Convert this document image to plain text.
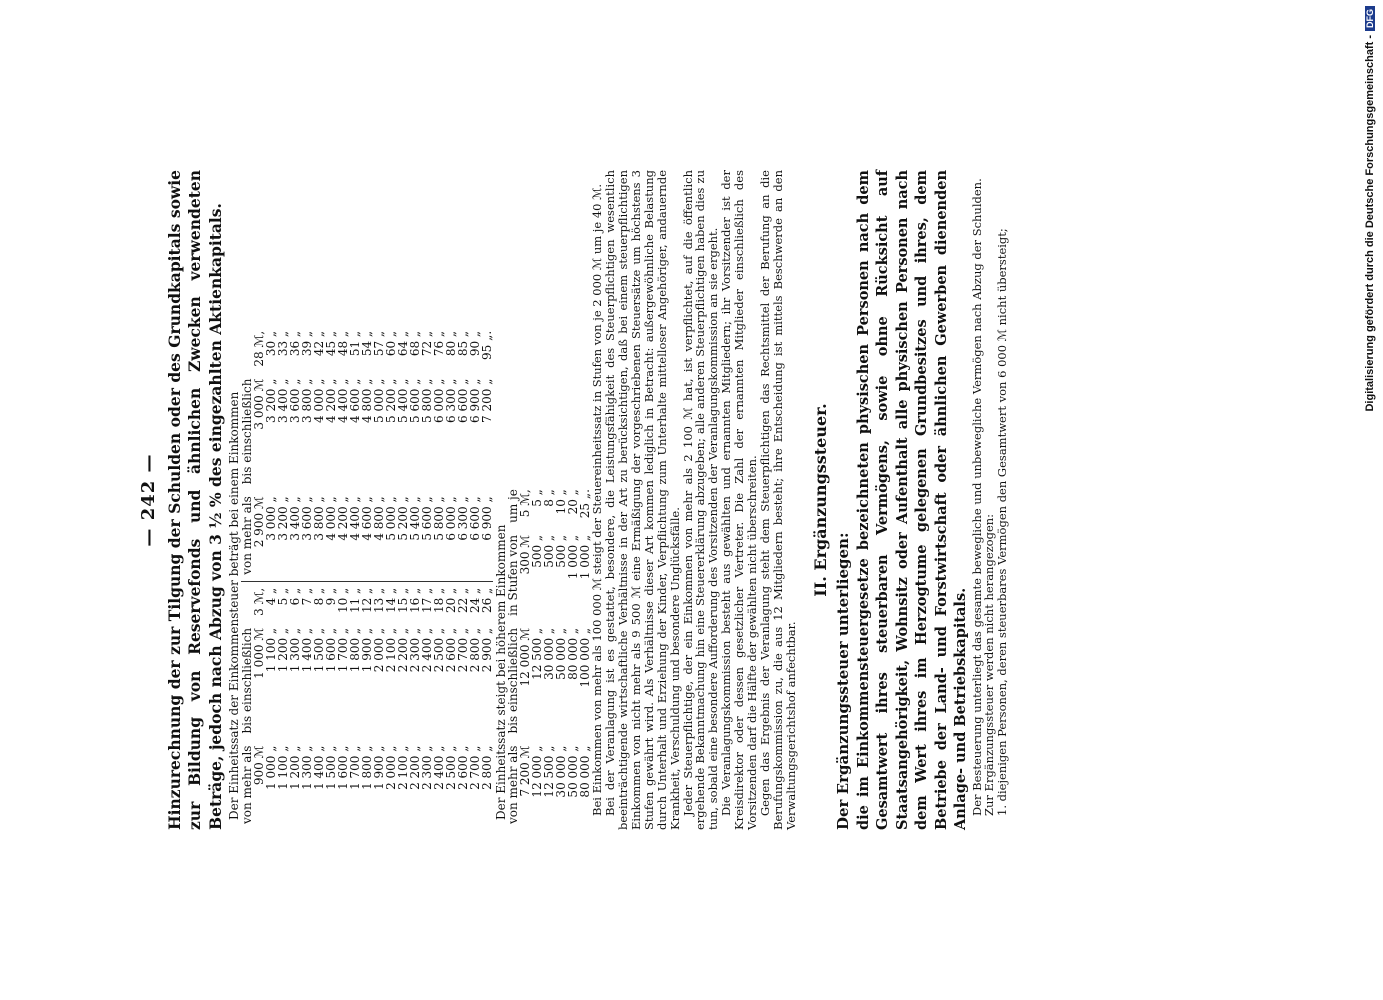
— 242 — Hinzurechnung der zur Tilgung der Schulden oder des Grundkapitals sowie zur Bildung von Reservefonds und ähnlichen Zwecken verwendeten Beträge, jedoch nach Abzug von 3 ½ % des eingezahlten Aktienkapitals. Der Einheitssatz der Einkommensteuer beträgt bei einem Einkommen
von mehr als	bis einschließlich		von mehr als	bis einschließlich	
900 ℳ	1 000 ℳ	3 ℳ,	2 900 ℳ	3 000 ℳ	28 ℳ,
1 000 „	1 100 „	4 „	3 000 „	3 200 „	30 „
1 100 „	1 200 „	5 „	3 200 „	3 400 „	33 „
1 200 „	1 300 „	6 „	3 400 „	3 600 „	36 „
1 300 „	1 400 „	7 „	3 600 „	3 800 „	39 „
1 400 „	1 500 „	8 „	3 800 „	4 000 „	42 „
1 500 „	1 600 „	9 „	4 000 „	4 200 „	45 „
1 600 „	1 700 „	10 „	4 200 „	4 400 „	48 „
1 700 „	1 800 „	11 „	4 400 „	4 600 „	51 „
1 800 „	1 900 „	12 „	4 600 „	4 800 „	54 „
1 900 „	2 000 „	13 „	4 800 „	5 000 „	57 „
2 000 „	2 100 „	14 „	5 000 „	5 200 „	60 „
2 100 „	2 200 „	15 „	5 200 „	5 400 „	64 „
2 200 „	2 300 „	16 „	5 400 „	5 600 „	68 „
2 300 „	2 400 „	17 „	5 600 „	5 800 „	72 „
2 400 „	2 500 „	18 „	5 800 „	6 000 „	76 „
2 500 „	2 600 „	20 „	6 000 „	6 300 „	80 „
2 600 „	2 700 „	22 „	6 300 „	6 600 „	85 „
2 700 „	2 800 „	24 „	6 600 „	6 900 „	90 „
2 800 „	2 900 „	26 „	6 900 „	7 200 „	95 „.
Der Einheitssatz steigt bei höherem Einkommen
von mehr als	bis einschließlich	in Stufen von	um je
7 200 ℳ	12 000 ℳ	300 ℳ	5 ℳ,
12 000 „	12 500 „	500 „	5 „
12 500 „	30 000 „	500 „	8 „
30 000 „	50 000 „	500 „	10 „
50 000 „	80 000 „	1 000 „	20 „
80 000 „	100 000 „	1 000 „	25 „.

Bei Einkommen von mehr als 100 000 ℳ steigt der Steuereinheitssatz in Stufen von je 2 000 ℳ um je 40 ℳ.

Bei der Veranlagung ist es gestattet, besondere, die Leistungsfähigkeit des Steuerpflichtigen wesentlich beeinträchtigende wirtschaftliche Verhältnisse in der Art zu berücksichtigen, daß bei einem steuerpflichtigen Einkommen von nicht mehr als 9 500 ℳ eine Ermäßigung der vorgeschriebenen Steuersätze um höchstens 3 Stufen gewährt wird. Als Verhältnisse dieser Art kommen lediglich in Betracht: außergewöhnliche Belastung durch Unterhalt und Erziehung der Kinder, Verpflichtung zum Unterhalte mittelloser Angehöriger, andauernde Krankheit, Verschuldung und besondere Unglücksfälle.

Jeder Steuerpflichtige, der ein Einkommen von mehr als 2 100 ℳ hat, ist verpflichtet, auf die öffentlich ergehende Bekanntmachung hin eine Steuererklärung abzugeben; alle anderen Steuerpflichtigen haben dies zu tun, sobald eine besondere Aufforderung des Vorsitzenden der Veranlagungskommission an sie ergeht.

Die Veranlagungskommission besteht aus gewählten und ernannten Mitgliedern; ihr Vorsitzender ist der Kreisdirektor oder dessen gesetzlicher Vertreter. Die Zahl der ernannten Mitglieder einschließlich des Vorsitzenden darf die Hälfte der gewählten nicht überschreiten.

Gegen das Ergebnis der Veranlagung steht dem Steuerpflichtigen das Rechtsmittel der Berufung an die Berufungskommission zu, die aus 12 Mitgliedern besteht; ihre Entscheidung ist mittels Beschwerde an den Verwaltungsgerichtshof anfechtbar.

II. Ergänzungssteuer.
Der Ergänzungssteuer unterliegen: die im Einkommensteuergesetze bezeichneten physischen Personen nach dem Gesamtwert ihres steuerbaren Vermögens, sowie ohne Rücksicht auf Staatsangehörigkeit, Wohnsitz oder Aufenthalt alle physischen Personen nach dem Wert ihres im Herzogtume gelegenen Grundbesitzes und ihres, dem Betriebe der Land- und Forstwirtschaft oder ähnlichen Gewerben dienenden Anlage- und Betriebskapitals. Der Besteuerung unterliegt das gesamte bewegliche und unbewegliche Vermögen nach Abzug der Schulden.

Zur Ergänzungssteuer werden nicht herangezogen:

1. diejenigen Personen, deren steuerbares Vermögen den Gesamtwert von 6 000 ℳ nicht übersteigt;

Digitalisierung gefördert durch die Deutsche Forschungsgemeinschaft -
DFG
